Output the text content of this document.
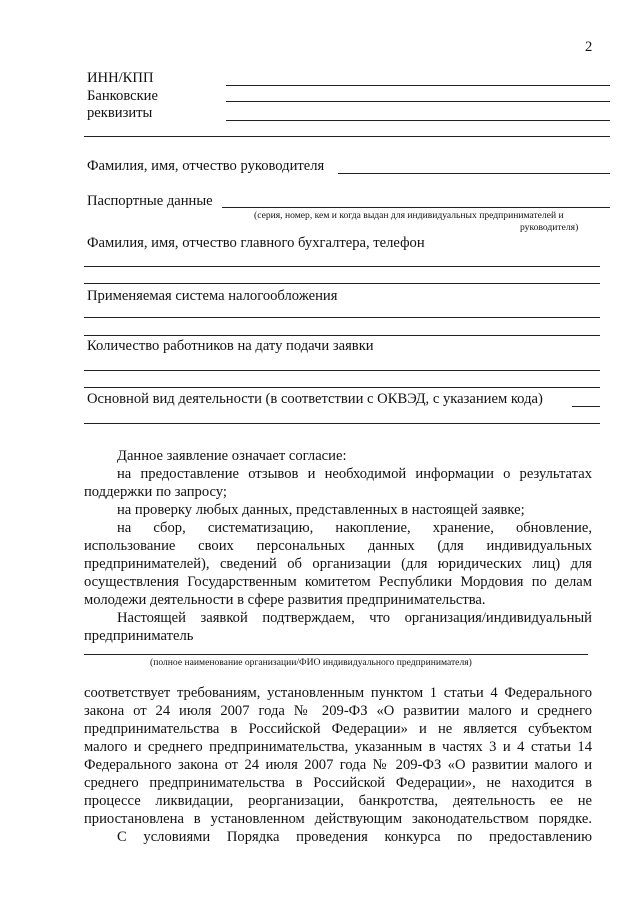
2
ИНН/КПП
Банковские
реквизиты
Фамилия, имя, отчество руководителя
Паспортные данные
(серия, номер, кем и когда выдан для индивидуальных предпринимателей и
руководителя)
Фамилия, имя, отчество главного бухгалтера, телефон
Применяемая система налогообложения
Количество работников на дату подачи заявки
Основной вид деятельности (в соответствии с ОКВЭД, с указанием кода)
Данное заявление означает согласие:
на предоставление отзывов и необходимой информации о результатах
поддержки по запросу;
на проверку любых данных, представленных в настоящей заявке;
на сбор, систематизацию, накопление, хранение, обновление,
использование своих персональных данных (для индивидуальных
предпринимателей), сведений об организации (для юридических лиц) для
осуществления Государственным комитетом Республики Мордовия по делам
молодежи деятельности в сфере развития предпринимательства.
Настоящей заявкой подтверждаем, что организация/индивидуальный
предприниматель
(полное наименование организации/ФИО индивидуального предпринимателя)
соответствует требованиям, установленным пунктом 1 статьи 4 Федерального
закона от 24 июля 2007 года № 209-ФЗ «О развитии малого и среднего
предпринимательства в Российской Федерации» и не является субъектом
малого и среднего предпринимательства, указанным в частях 3 и 4 статьи 14
Федерального закона от 24 июля 2007 года № 209-ФЗ «О развитии малого и
среднего предпринимательства в Российской Федерации», не находится в
процессе ликвидации, реорганизации, банкротства, деятельность ее не
приостановлена в установленном действующим законодательством порядке.
С условиями Порядка проведения конкурса по предоставлению
